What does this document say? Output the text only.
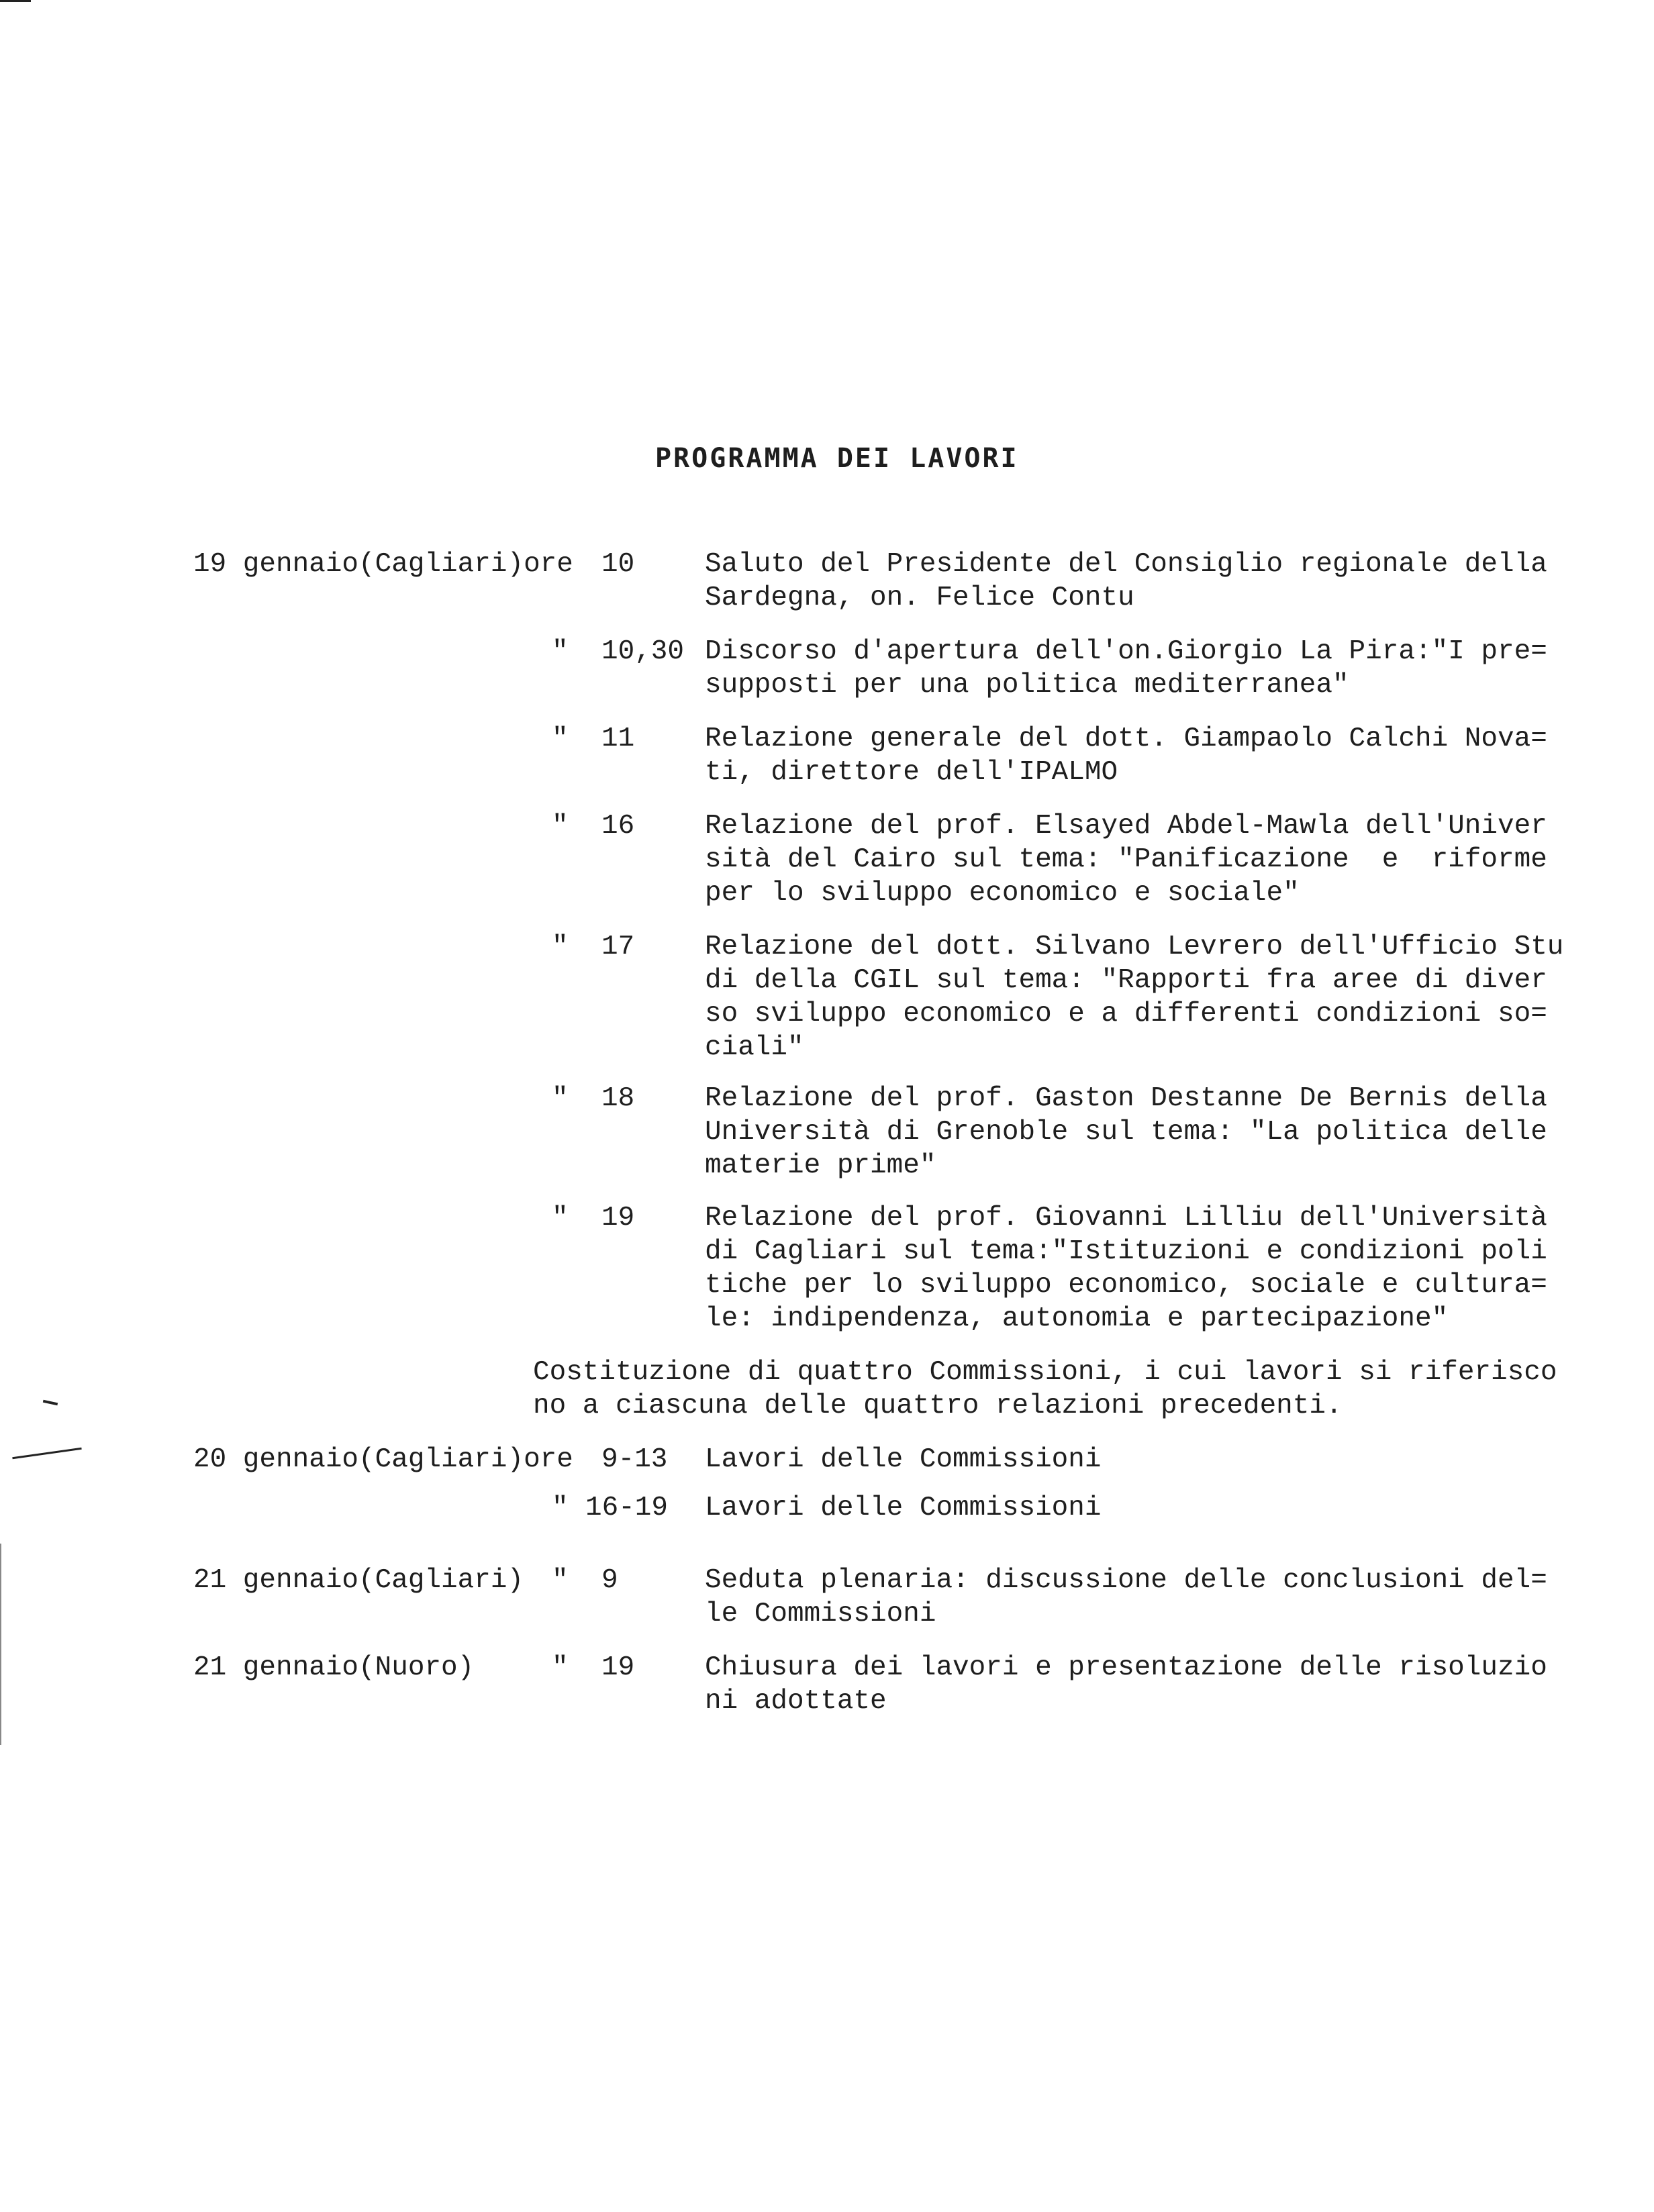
PROGRAMMA DEI LAVORI
19 gennaio(Cagliari)ore 10	Saluto del Presidente del Consiglio regionale della
Sardegna, on. Felice Contu
" 10,30 Discorso d'apertura dell'on.Giorgio La Pira:"I pre=
supposti per una politica mediterranea"
" 11	Relazione generale del dott. Giampaolo Calchi Nova=
ti, direttore dell'IPALMO
" 16	Relazione del prof. Elsayed Abdel-Mawla dell'Univer
sità del Cairo sul tema: "Panificazione  e  riforme
per lo sviluppo economico e sociale"
" 17	Relazione del dott. Silvano Levrero dell'Ufficio Stu
di della CGIL sul tema: "Rapporti fra aree di diver
so sviluppo economico e a differenti condizioni so=
ciali"
" 18	Relazione del prof. Gaston Destanne De Bernis della
Università di Grenoble sul tema: "La politica delle
materie prime"
" 19	Relazione del prof. Giovanni Lilliu dell'Università
di Cagliari sul tema:"Istituzioni e condizioni poli
tiche per lo sviluppo economico, sociale e cultura=
le: indipendenza, autonomia e partecipazione"
Costituzione di quattro Commissioni, i cui lavori si riferisco
no a ciascuna delle quattro relazioni precedenti.
20 gennaio(Cagliari)ore 9-13 Lavori delle Commissioni
" 16-19 Lavori delle Commissioni
21 gennaio(Cagliari) " 9	Seduta plenaria: discussione delle conclusioni del=
le Commissioni
21 gennaio(Nuoro)	" 19	Chiusura dei lavori e presentazione delle risoluzio
ni adottate
